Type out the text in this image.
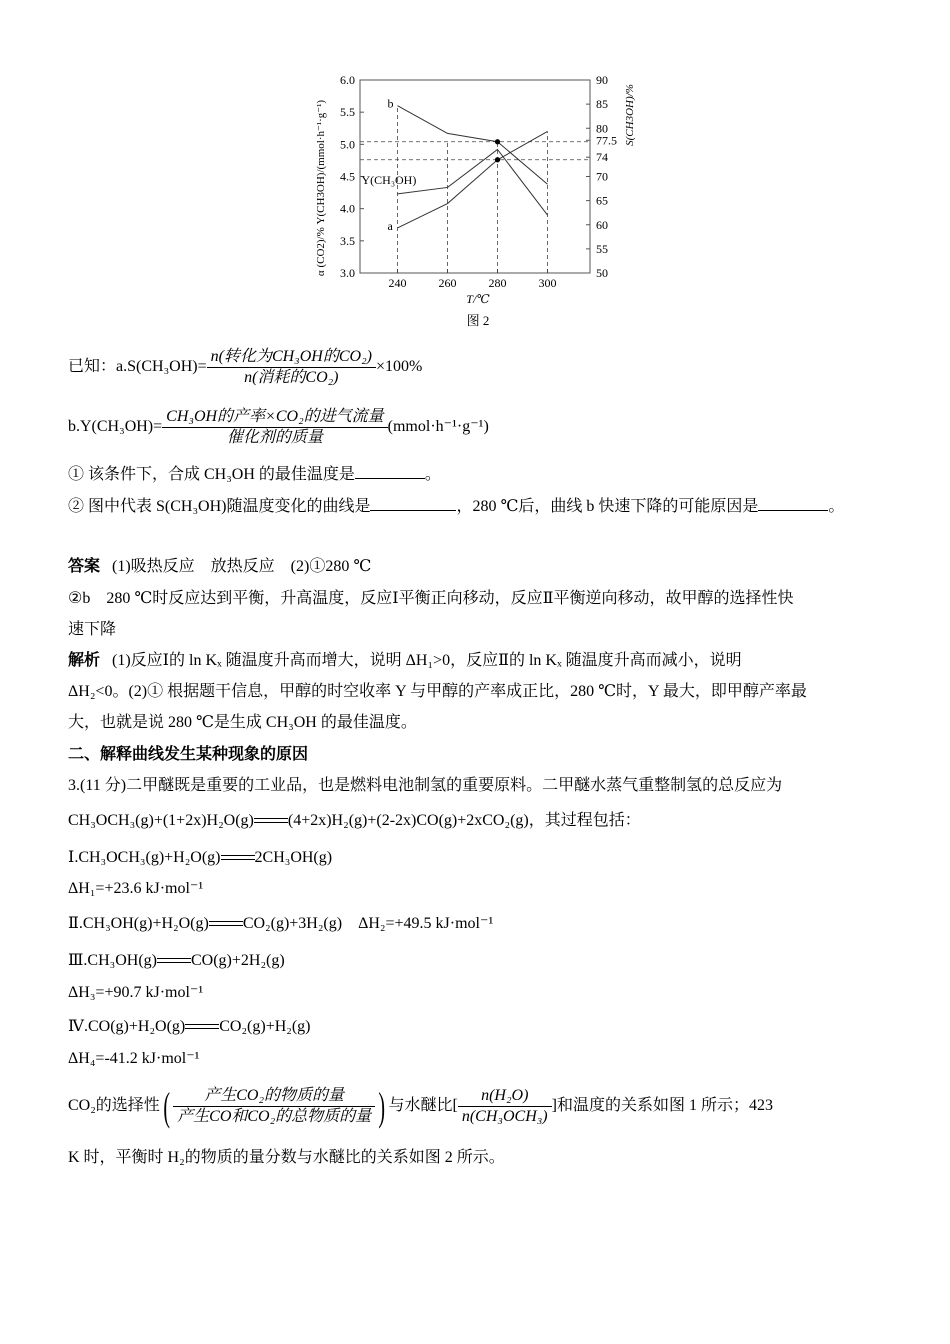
240	260	280	300
3.0
3.5
4.0
4.5
5.0
5.5
6.0
50
55
60
65
70
74
77.5
80
85
90
b
Y(CH₃OH)
a
图 2
T/℃
α (CO2)/% Y(CH3OH)/(mmol·h⁻¹·g⁻¹)	S(CH3OH)/%
已知：$a.S(CH_3OH)= \frac{\text{n(转化为CH₃OH的CO₂)}}{\text{n(消耗的CO₂)}} \times 100\%$
$b.Y(CH_3OH)= \frac{\text{CH₃OH的产率×CO₂的进气流量}}{\text{催化剂的质量}}$ (mmol·h⁻¹·g⁻¹)
① 该条件下，合成 CH₃OH 的最佳温度是	。
② 图中代表 S(CH₃OH)随温度变化的曲线是	，280 ℃后，曲线 b 快速下降的可能原因是	。
答案 (1)吸热反应　放热反应　(2)①280 ℃
②b　280 ℃时反应达到平衡，升高温度，反应Ⅰ平衡正向移动，反应Ⅱ平衡逆向移动，故甲醇的选择性快
速下降
解析 (1)反应Ⅰ的 ln Kₓ 随温度升高而增大，说明 ΔH₁>0，反应Ⅱ的 ln Kₓ 随温度升高而减小，说明
ΔH₂<0。(2)① 根据题干信息，甲醇的时空收率 Y 与甲醇的产率成正比，280 ℃时，Y 最大，即甲醇产率最
大，也就是说 280 ℃是生成 CH₃OH 的最佳温度。
二、解释曲线发生某种现象的原因
3.(11 分)二甲醚既是重要的工业品，也是燃料电池制氢的重要原料。二甲醚水蒸气重整制氢的总反应为
CH₃OCH₃(g)+(1+2x)H₂O(g) (4+2x)H₂(g)+(2-2x)CO(g)+2xCO₂(g)，其过程包括：
Ⅰ.CH₃OCH₃(g)+H₂O(g) 2CH₃OH(g)
ΔH₁=+23.6 kJ·mol⁻¹
Ⅱ.CH₃OH(g)+H₂O(g) CO₂(g)+3H₂(g)　ΔH₂=+49.5 kJ·mol⁻¹
Ⅲ.CH₃OH(g) CO(g)+2H₂(g)
ΔH₃=+90.7 kJ·mol⁻¹
Ⅳ.CO(g)+H₂O(g) CO₂(g)+H₂(g)
ΔH₄=-41.2 kJ·mol⁻¹
CO₂的选择性( $\frac{\text{产生CO₂的物质的量}}{\text{产生CO和CO₂的总物质的量}}$ ) 与水醚比[ $\frac{\text{n(H₂O)}}{\text{n(CH₃OCH₃)}}$ ]和温度的关系如图 1 所示；423
K 时，平衡时 H₂的物质的量分数与水醚比的关系如图 2 所示。
